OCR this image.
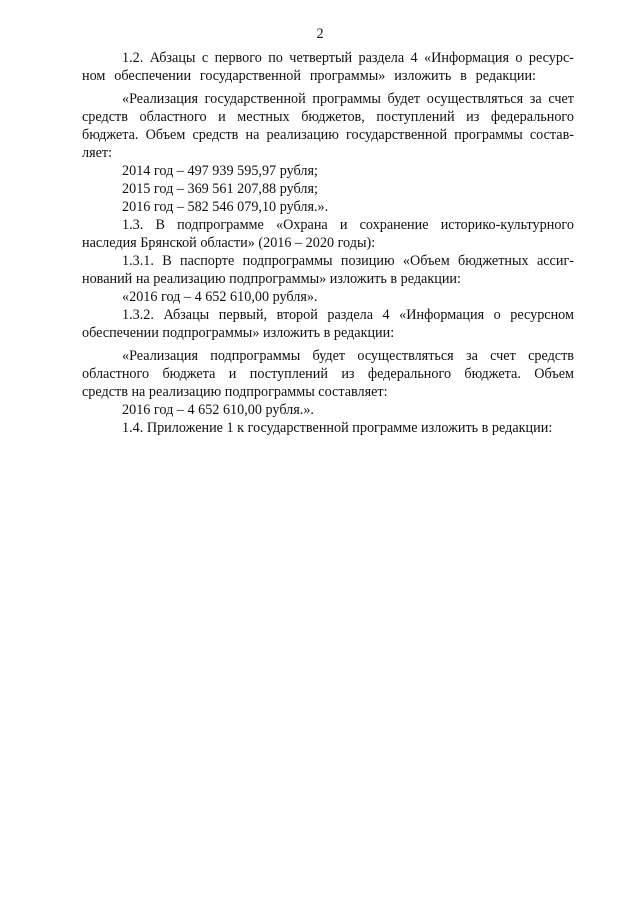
2
1.2. Абзацы с первого по четвертый раздела 4 «Информация о ресурс-
ном обеспечении государственной программы» изложить в редакции:
«Реализация государственной программы будет осуществляться за счет
средств областного и местных бюджетов, поступлений из федерального
бюджета. Объем средств на реализацию государственной программы состав-
ляет:
2014 год – 497 939 595,97 рубля;
2015 год – 369 561 207,88 рубля;
2016 год – 582 546 079,10 рубля.».
1.3. В подпрограмме «Охрана и сохранение историко-культурного
наследия Брянской области» (2016 – 2020 годы):
1.3.1. В паспорте подпрограммы позицию «Объем бюджетных ассиг-
нований на реализацию подпрограммы» изложить в редакции:
«2016 год – 4 652 610,00 рубля».
1.3.2. Абзацы первый, второй раздела 4 «Информация о ресурсном
обеспечении подпрограммы» изложить в редакции:
«Реализация подпрограммы будет осуществляться за счет средств
областного бюджета и поступлений из федерального бюджета. Объем
средств на реализацию подпрограммы составляет:
2016 год – 4 652 610,00 рубля.».
1.4. Приложение 1 к государственной программе изложить в редакции:
